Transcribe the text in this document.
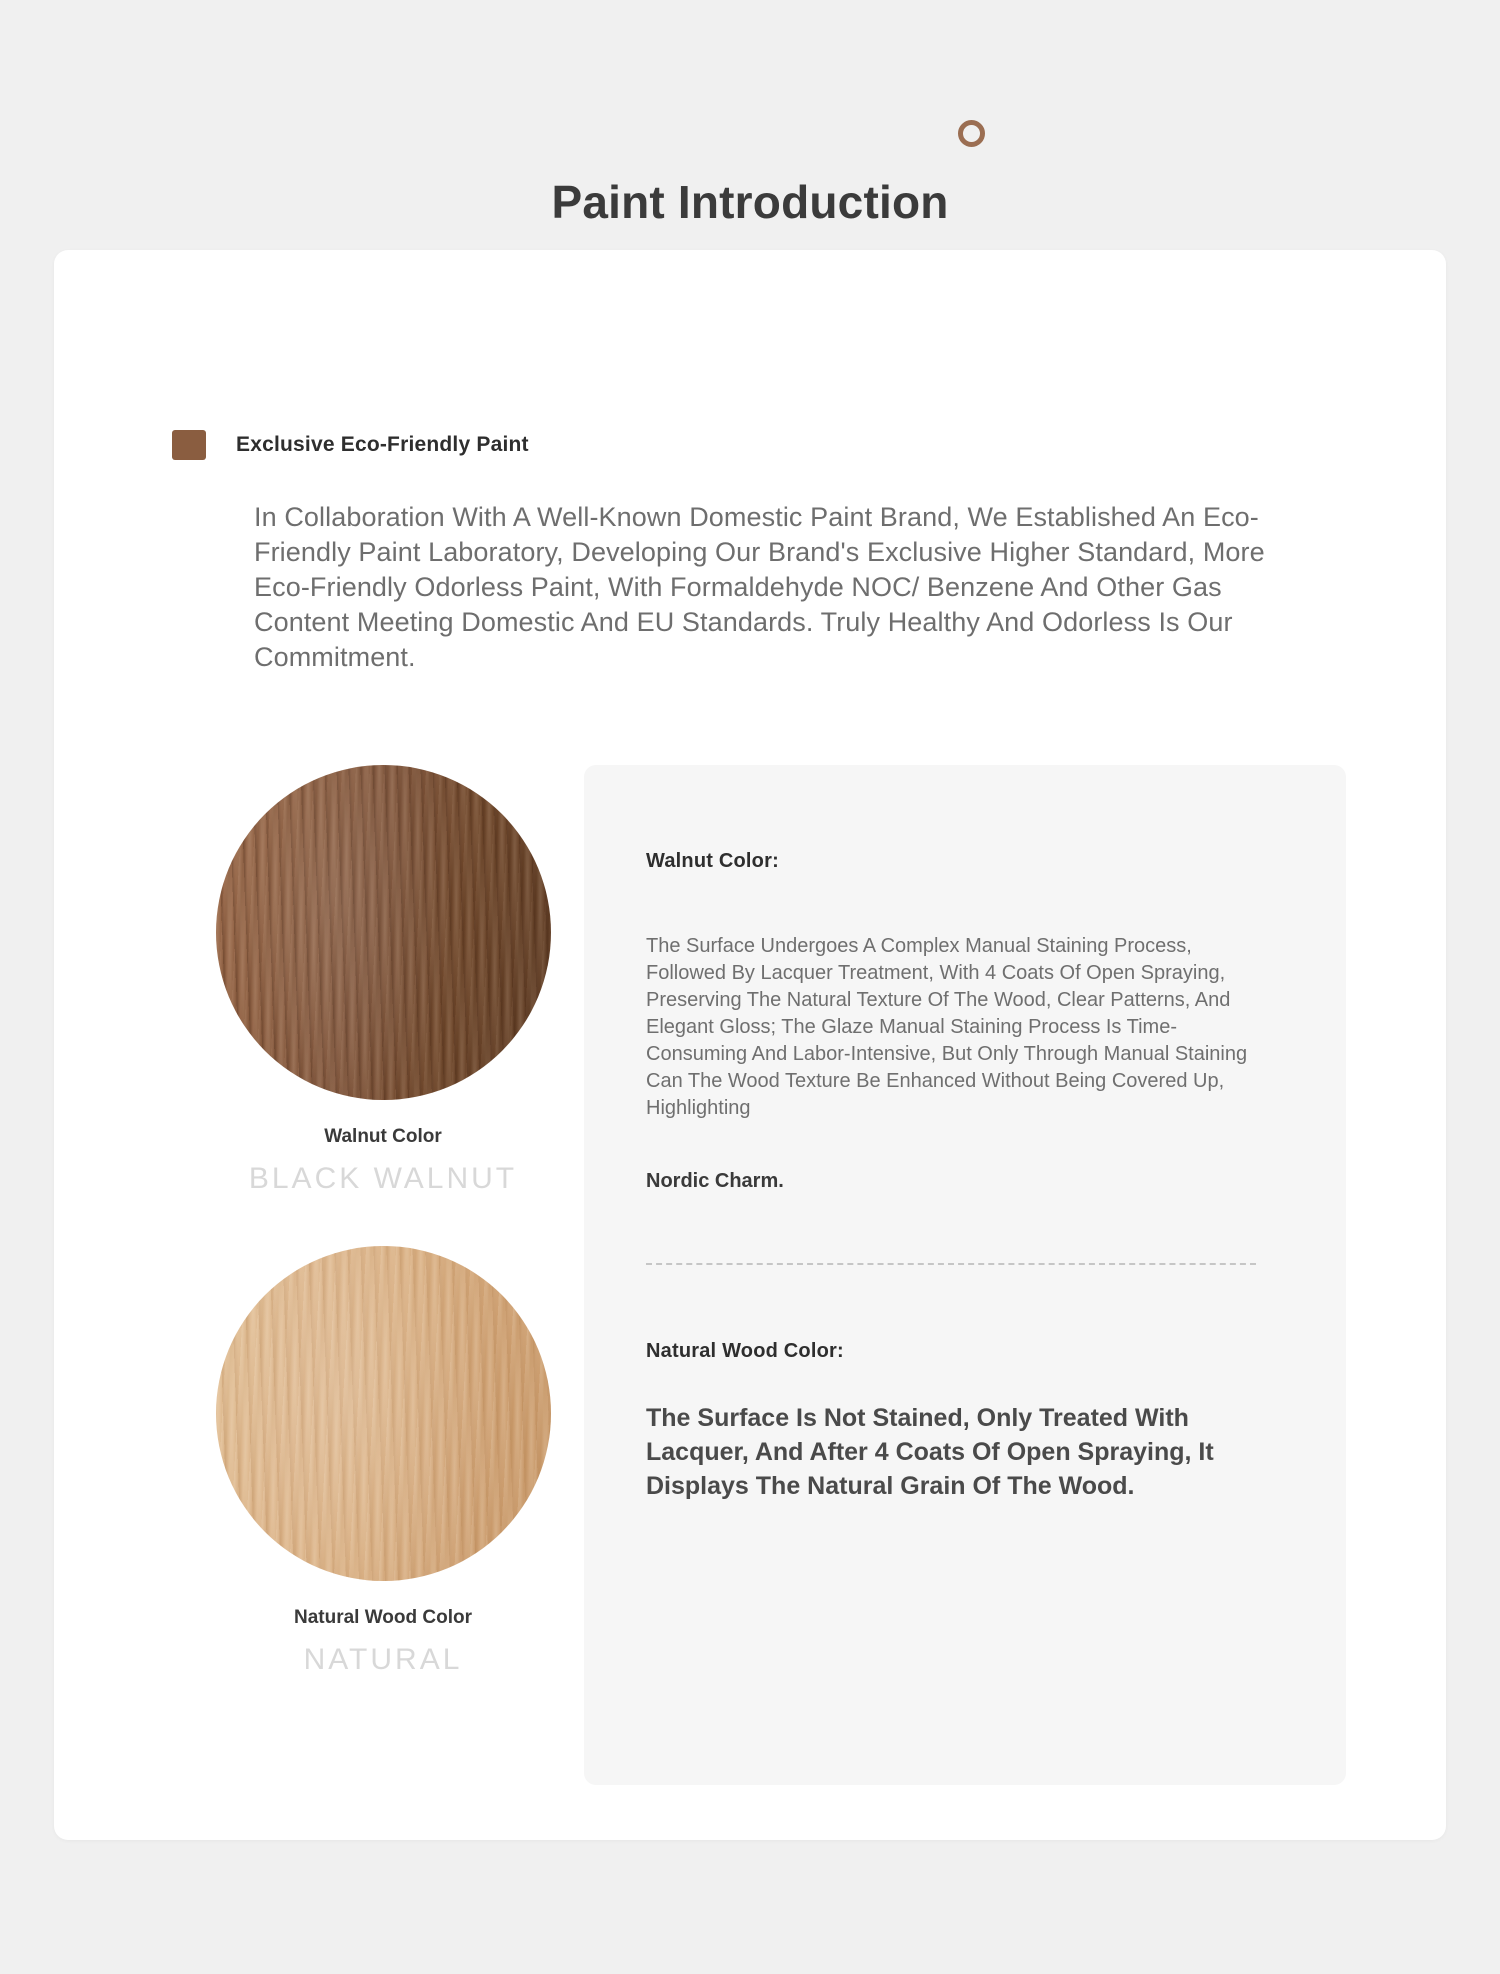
Paint Introduction
Exclusive Eco-Friendly Paint

In Collaboration With A Well-Known Domestic Paint Brand, We Established An Eco-Friendly Paint Laboratory, Developing Our Brand's Exclusive Higher Standard, More Eco-Friendly Odorless Paint, With Formaldehyde NOC/ Benzene And Other Gas Content Meeting Domestic And EU Standards. Truly Healthy And Odorless Is Our Commitment.

Walnut Color
BLACK WALNUT
Natural Wood Color
NATURAL
Walnut Color:
The Surface Undergoes A Complex Manual Staining Process, Followed By Lacquer Treatment, With 4 Coats Of Open Spraying, Preserving The Natural Texture Of The Wood, Clear Patterns, And Elegant Gloss; The Glaze Manual Staining Process Is Time-Consuming And Labor-Intensive, But Only Through Manual Staining Can The Wood Texture Be Enhanced Without Being Covered Up, Highlighting
Nordic Charm.
Natural Wood Color:
The Surface Is Not Stained, Only Treated With Lacquer, And After 4 Coats Of Open Spraying, It Displays The Natural Grain Of The Wood.
